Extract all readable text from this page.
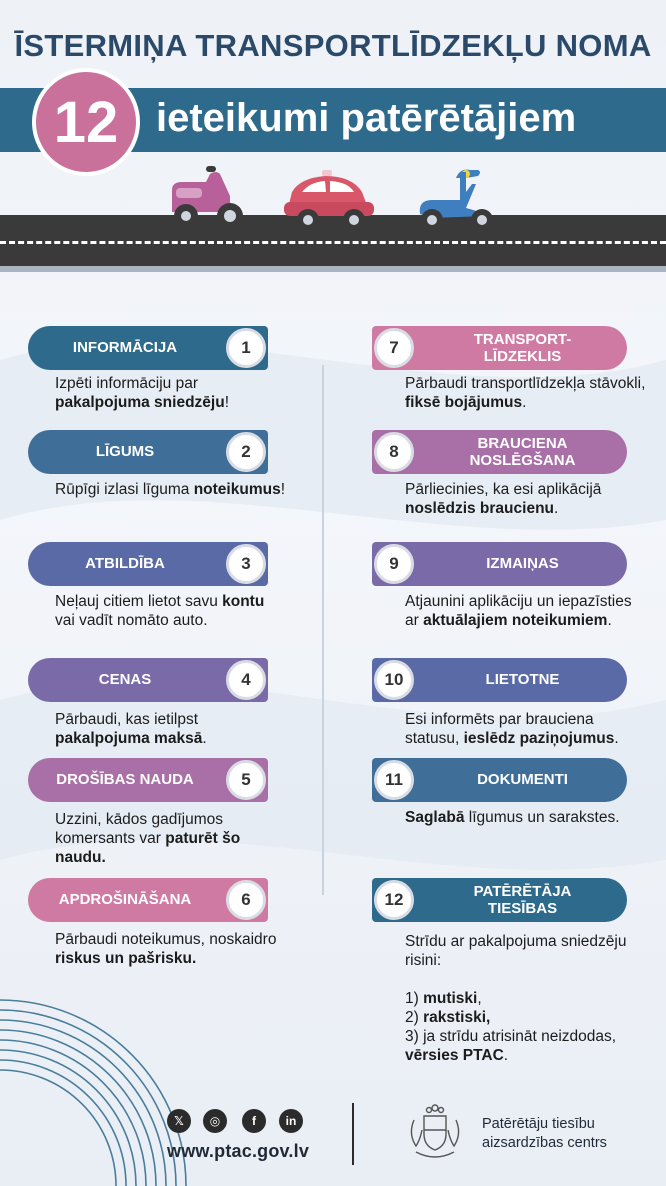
ĪSTERMIŅA TRANSPORTLĪDZEKĻU NOMA
12 ieteikumi patērētājiem
INFORMĀCIJA	1
Izpēti informāciju par pakalpojuma sniedzēju!
LĪGUMS	2
Rūpīgi izlasi līguma noteikumus!
ATBILDĪBA	3
Neļauj citiem lietot savu kontu vai vadīt nomāto auto.
CENAS	4
Pārbaudi, kas ietilpst pakalpojuma maksā.
DROŠĪBAS NAUDA	5
Uzzini, kādos gadījumos komersants var paturēt šo naudu.
APDROŠINĀŠANA	6
Pārbaudi noteikumus, noskaidro riskus un pašrisku.
TRANSPORT-
LĪDZEKLIS
7
Pārbaudi transportlīdzekļa stāvokli, fiksē bojājumus.
BRAUCIENA
NOSLĒGŠANA
8
Pārliecinies, ka esi aplikācijā noslēdzis braucienu.
IZMAIŅAS
9
Atjaunini aplikāciju un iepazīsties ar aktuālajiem noteikumiem.
LIETOTNE
10
Esi informēts par brauciena statusu, ieslēdz paziņojumus.
DOKUMENTI
11
Saglabā līgumus un sarakstes.
PATĒRĒTĀJA
TIESĪBAS
12
Strīdu ar pakalpojuma sniedzēju risini:

1) mutiski,
2) rakstiski,
3) ja strīdu atrisināt neizdodas, vērsies PTAC.
𝕏 ◎	f in
www.ptac.gov.lv
Patērētāju tiesību
aizsardzības centrs
